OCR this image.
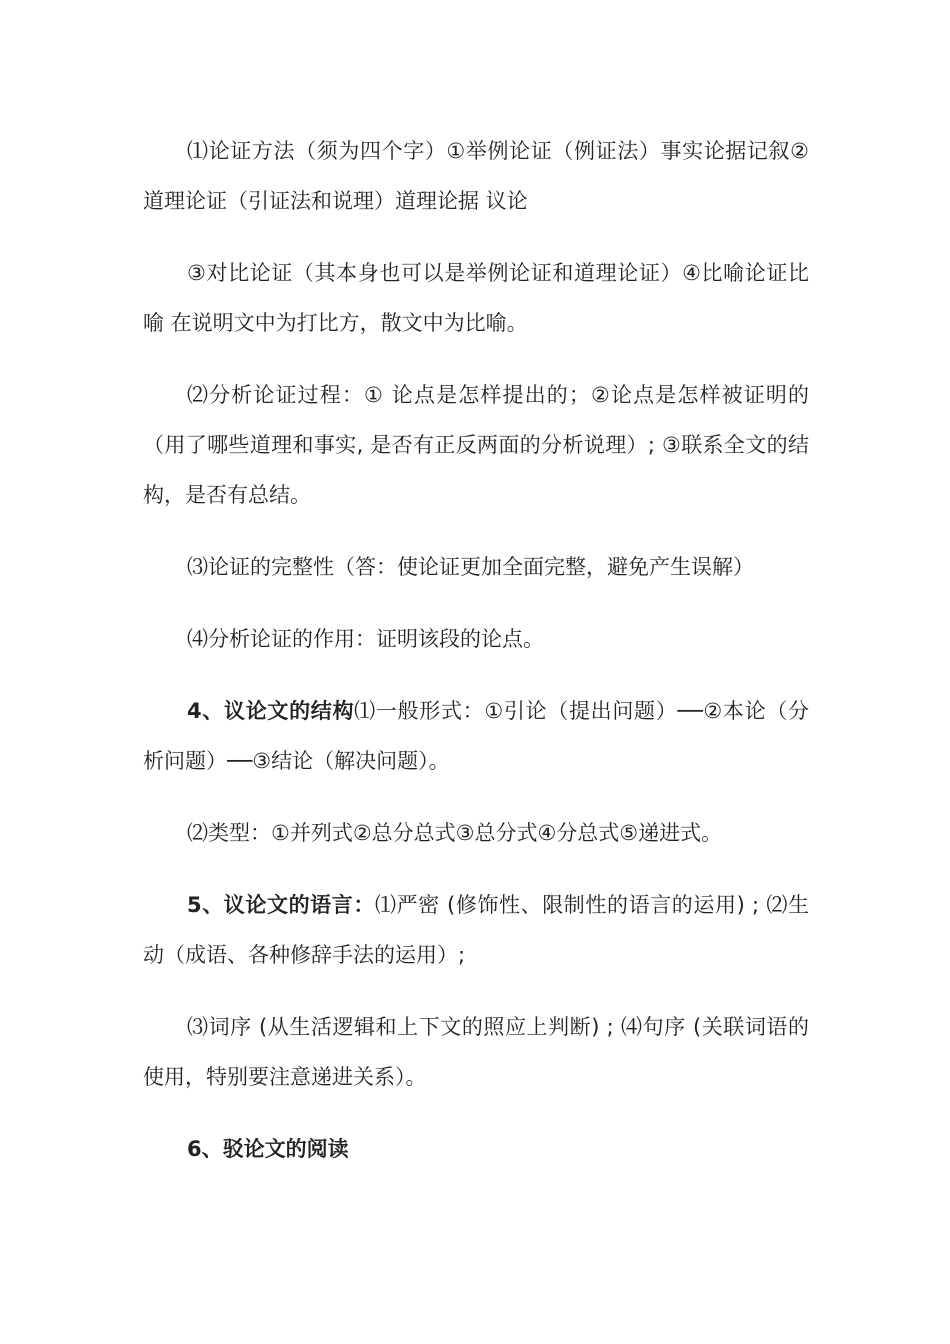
⑴论证方法（须为四个字）①举例论证（例证法）事实论据记叙②道理论证（引证法和说理）道理论据 议论

③对比论证（其本身也可以是举例论证和道理论证）④比喻论证比喻 在说明文中为打比方，散文中为比喻。

⑵分析论证过程：① 论点是怎样提出的；②论点是怎样被证明的（用了哪些道理和事实, 是否有正反两面的分析说理）; ③联系全文的结构，是否有总结。

⑶论证的完整性（答：使论证更加全面完整，避免产生误解）

⑷分析论证的作用：证明该段的论点。

4、议论文的结构⑴一般形式：①引论（提出问题）──②本论（分析问题）──③结论（解决问题）。

⑵类型：①并列式②总分总式③总分式④分总式⑤递进式。

5、议论文的语言：⑴严密 (修饰性、限制性的语言的运用) ; ⑵生动（成语、各种修辞手法的运用）;

⑶词序 (从生活逻辑和上下文的照应上判断) ; ⑷句序 (关联词语的使用，特别要注意递进关系）。

6、驳论文的阅读
